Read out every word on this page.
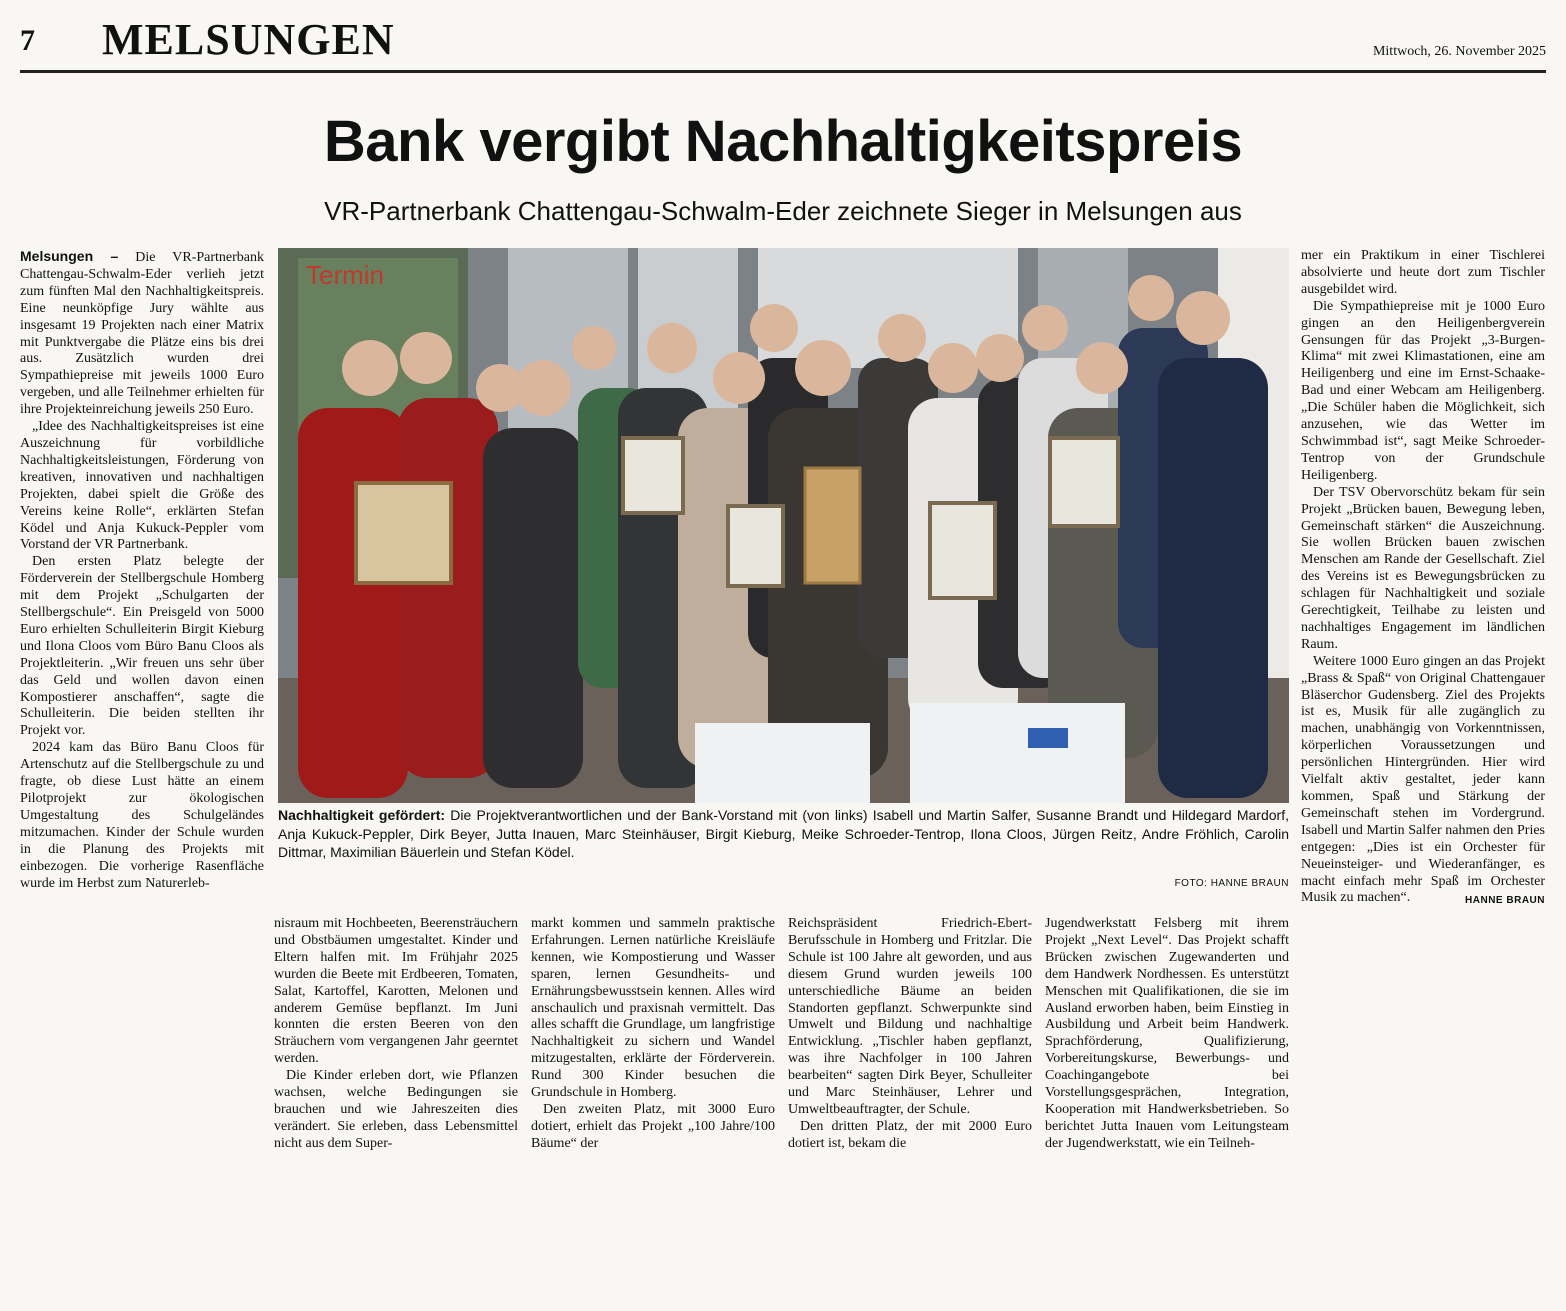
7 MELSUNGEN	Mittwoch, 26. November 2025
Bank vergibt Nachhaltigkeitspreis
VR-Partnerbank Chattengau-Schwalm-Eder zeichnete Sieger in Melsungen aus

Melsungen – Die VR-Partnerbank Chattengau-Schwalm-Eder verlieh jetzt zum fünften Mal den Nachhaltigkeitspreis. Eine neunköpfige Jury wählte aus insgesamt 19 Projekten nach einer Matrix mit Punktvergabe die Plätze eins bis drei aus. Zusätzlich wurden drei Sympathiepreise mit jeweils 1000 Euro vergeben, und alle Teilnehmer erhielten für ihre Projekteinreichung jeweils 250 Euro.

„Idee des Nachhaltigkeitspreises ist eine Auszeichnung für vorbildliche Nachhaltigkeitsleistungen, Förderung von kreativen, innovativen und nachhaltigen Projekten, dabei spielt die Größe des Vereins keine Rolle“, erklärten Stefan Ködel und Anja Kukuck-Peppler vom Vorstand der VR Partnerbank.

Den ersten Platz belegte der Förderverein der Stellbergschule Homberg mit dem Projekt „Schulgarten der Stellbergschule“. Ein Preisgeld von 5000 Euro erhielten Schulleiterin Birgit Kieburg und Ilona Cloos vom Büro Banu Cloos als Projektleiterin. „Wir freuen uns sehr über das Geld und wollen davon einen Kompostierer anschaffen“, sagte die Schulleiterin. Die beiden stellten ihr Projekt vor.

2024 kam das Büro Banu Cloos für Artenschutz auf die Stellbergschule zu und fragte, ob diese Lust hätte an einem Pilotprojekt zur ökologischen Umgestaltung des Schulgeländes mitzumachen. Kinder der Schule wurden in die Planung des Projekts mit einbezogen. Die vorherige Rasenfläche wurde im Herbst zum Naturerleb-

Termin
Nachhaltigkeit gefördert: Die Projektverantwortlichen und der Bank-Vorstand mit (von links) Isabell und Martin Salfer, Susanne Brandt und Hildegard Mardorf, Anja Kukuck-Peppler, Dirk Beyer, Jutta Inauen, Marc Steinhäuser, Birgit Kieburg, Meike Schroeder-Tentrop, Ilona Cloos, Jürgen Reitz, Andre Fröhlich, Carolin Dittmar, Maximilian Bäuerlein und Stefan Ködel.
FOTO: HANNE BRAUN

nisraum mit Hochbeeten, Beerensträuchern und Obstbäumen umgestaltet. Kinder und Eltern halfen mit. Im Frühjahr 2025 wurden die Beete mit Erdbeeren, Tomaten, Salat, Kartoffel, Karotten, Melonen und anderem Gemüse bepflanzt. Im Juni konnten die ersten Beeren von den Sträuchern vom vergangenen Jahr geerntet werden.

Die Kinder erleben dort, wie Pflanzen wachsen, welche Bedingungen sie brauchen und wie Jahreszeiten dies verändert. Sie erleben, dass Lebensmittel nicht aus dem Super-

markt kommen und sammeln praktische Erfahrungen. Lernen natürliche Kreisläufe kennen, wie Kompostierung und Wasser sparen, lernen Gesundheits- und Ernährungsbewusstsein kennen. Alles wird anschaulich und praxisnah vermittelt. Das alles schafft die Grundlage, um langfristige Nachhaltigkeit zu sichern und Wandel mitzugestalten, erklärte der Förderverein. Rund 300 Kinder besuchen die Grundschule in Homberg.

Den zweiten Platz, mit 3000 Euro dotiert, erhielt das Projekt „100 Jahre/100 Bäume“ der

Reichspräsident Friedrich-Ebert- Berufsschule in Homberg und Fritzlar. Die Schule ist 100 Jahre alt geworden, und aus diesem Grund wurden jeweils 100 unterschiedliche Bäume an beiden Standorten gepflanzt. Schwerpunkte sind Umwelt und Bildung und nachhaltige Entwicklung. „Tischler haben gepflanzt, was ihre Nachfolger in 100 Jahren bearbeiten“ sagten Dirk Beyer, Schulleiter und Marc Steinhäuser, Lehrer und Umweltbeauftragter, der Schule.

Den dritten Platz, der mit 2000 Euro dotiert ist, bekam die

Jugendwerkstatt Felsberg mit ihrem Projekt „Next Level“. Das Projekt schafft Brücken zwischen Zugewanderten und dem Handwerk Nordhessen. Es unterstützt Menschen mit Qualifikationen, die sie im Ausland erworben haben, beim Einstieg in Ausbildung und Arbeit beim Handwerk. Sprachförderung, Qualifizierung, Vorbereitungskurse, Bewerbungs- und Coachingangebote bei Vorstellungsgesprächen, Integration, Kooperation mit Handwerksbetrieben. So berichtet Jutta Inauen vom Leitungsteam der Jugendwerkstatt, wie ein Teilneh-

mer ein Praktikum in einer Tischlerei absolvierte und heute dort zum Tischler ausgebildet wird.

Die Sympathiepreise mit je 1000 Euro gingen an den Heiligenbergverein Gensungen für das Projekt „3-Burgen-Klima“ mit zwei Klimastationen, eine am Heiligenberg und eine im Ernst-Schaake-Bad und einer Webcam am Heiligenberg. „Die Schüler haben die Möglichkeit, sich anzusehen, wie das Wetter im Schwimmbad ist“, sagt Meike Schroeder-Tentrop von der Grundschule Heiligenberg.

Der TSV Obervorschütz bekam für sein Projekt „Brücken bauen, Bewegung leben, Gemeinschaft stärken“ die Auszeichnung. Sie wollen Brücken bauen zwischen Menschen am Rande der Gesellschaft. Ziel des Vereins ist es Bewegungsbrücken zu schlagen für Nachhaltigkeit und soziale Gerechtigkeit, Teilhabe zu leisten und nachhaltiges Engagement im ländlichen Raum.

Weitere 1000 Euro gingen an das Projekt „Brass & Spaß“ von Original Chattengauer Bläserchor Gudensberg. Ziel des Projekts ist es, Musik für alle zugänglich zu machen, unabhängig von Vorkenntnissen, körperlichen Voraussetzungen und persönlichen Hintergründen. Hier wird Vielfalt aktiv gestaltet, jeder kann kommen, Spaß und Stärkung der Gemeinschaft stehen im Vordergrund. Isabell und Martin Salfer nahmen den Pries entgegen: „Dies ist ein Orchester für Neueinsteiger- und Wiederanfänger, es macht einfach mehr Spaß im Orchester Musik zu machen“.	HANNE BRAUN
